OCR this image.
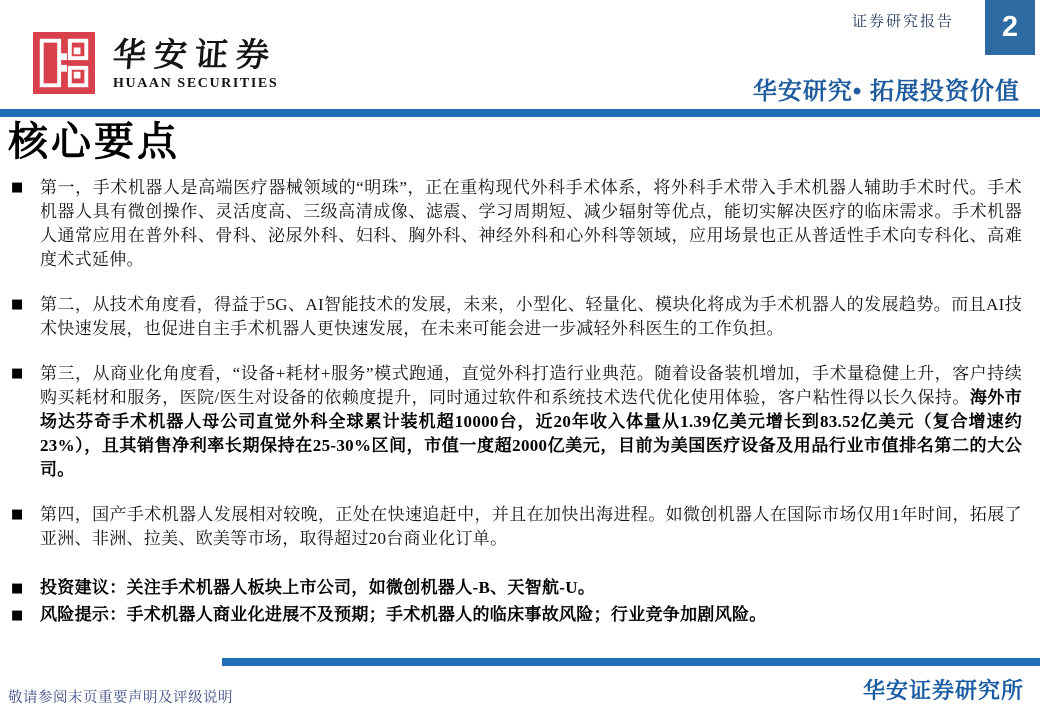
华安证券
HUAAN SECURITIES
证券研究报告 2
华安研究• 拓展投资价值
核心要点
■ 第一，手术机器人是高端医疗器械领域的“明珠”，正在重构现代外科手术体系，将外科手术带入手术机器人辅助手术时代。手术机器人具有微创操作、灵活度高、三级高清成像、滤震、学习周期短、减少辐射等优点，能切实解决医疗的临床需求。手术机器人通常应用在普外科、骨科、泌尿外科、妇科、胸外科、神经外科和心外科等领域，应用场景也正从普适性手术向专科化、高难度术式延伸。
■ 第二，从技术角度看，得益于5G、AI智能技术的发展，未来，小型化、轻量化、模块化将成为手术机器人的发展趋势。而且AI技术快速发展，也促进自主手术机器人更快速发展，在未来可能会进一步减轻外科医生的工作负担。
■ 第三，从商业化角度看，“设备+耗材+服务”模式跑通，直觉外科打造行业典范。随着设备装机增加，手术量稳健上升，客户持续购买耗材和服务，医院/医生对设备的依赖度提升，同时通过软件和系统技术迭代优化使用体验，客户粘性得以长久保持。海外市场达芬奇手术机器人母公司直觉外科全球累计装机超10000台，近20年收入体量从1.39亿美元增长到83.52亿美元（复合增速约23%），且其销售净利率长期保持在25-30%区间，市值一度超2000亿美元，目前为美国医疗设备及用品行业市值排名第二的大公司。
■ 第四，国产手术机器人发展相对较晚，正处在快速追赶中，并且在加快出海进程。如微创机器人在国际市场仅用1年时间，拓展了亚洲、非洲、拉美、欧美等市场，取得超过20台商业化订单。
■ 投资建议：关注手术机器人板块上市公司，如微创机器人-B、天智航-U。
■ 风险提示：手术机器人商业化进展不及预期；手术机器人的临床事故风险；行业竞争加剧风险。
敬请参阅末页重要声明及评级说明	华安证券研究所
